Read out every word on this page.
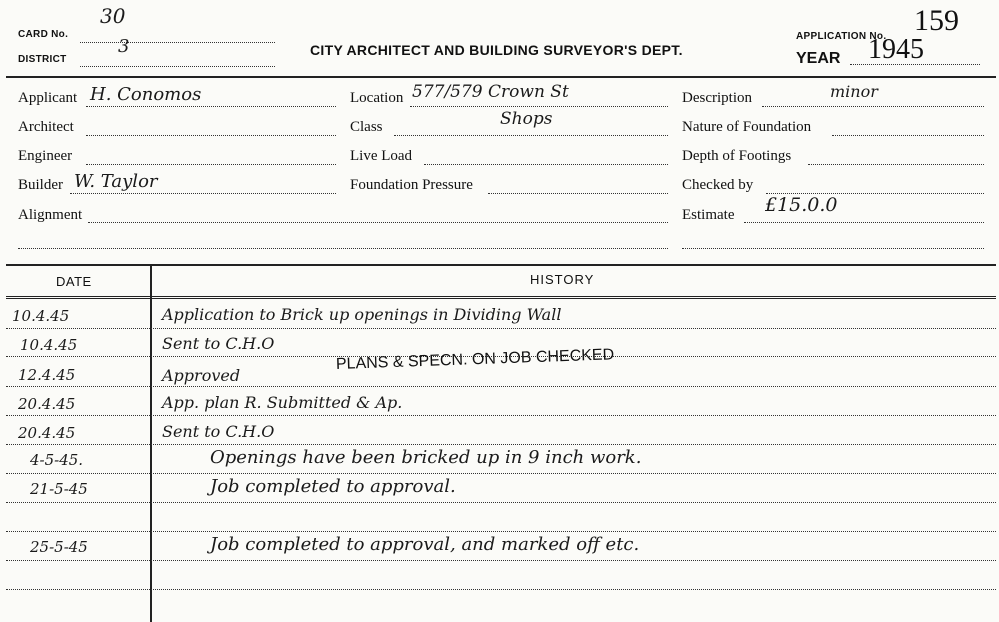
CARD No.
30
DISTRICT
3	CITY ARCHITECT AND BUILDING SURVEYOR'S DEPT.
APPLICATION No. 159
YEAR 1945
Applicant H. Conomos
Architect
Engineer
Builder W. Taylor
Alignment
Location 577/579 Crown St
Class	Shops
Live Load
Foundation Pressure
Description	minor
Nature of Foundation
Depth of Footings
Checked by
Estimate £15.0.0
DATE	HISTORY
10.4.45	Application to Brick up openings in Dividing Wall
10.4.45	Sent to C.H.O
12.4.45	Approved
PLANS & SPECN. ON JOB CHECKED
20.4.45	App. plan R. Submitted & Ap.
20.4.45	Sent to C.H.O
4-5-45.	Openings have been bricked up in 9 inch work.
21-5-45	Job completed to approval.
25-5-45	Job completed to approval, and marked off etc.
